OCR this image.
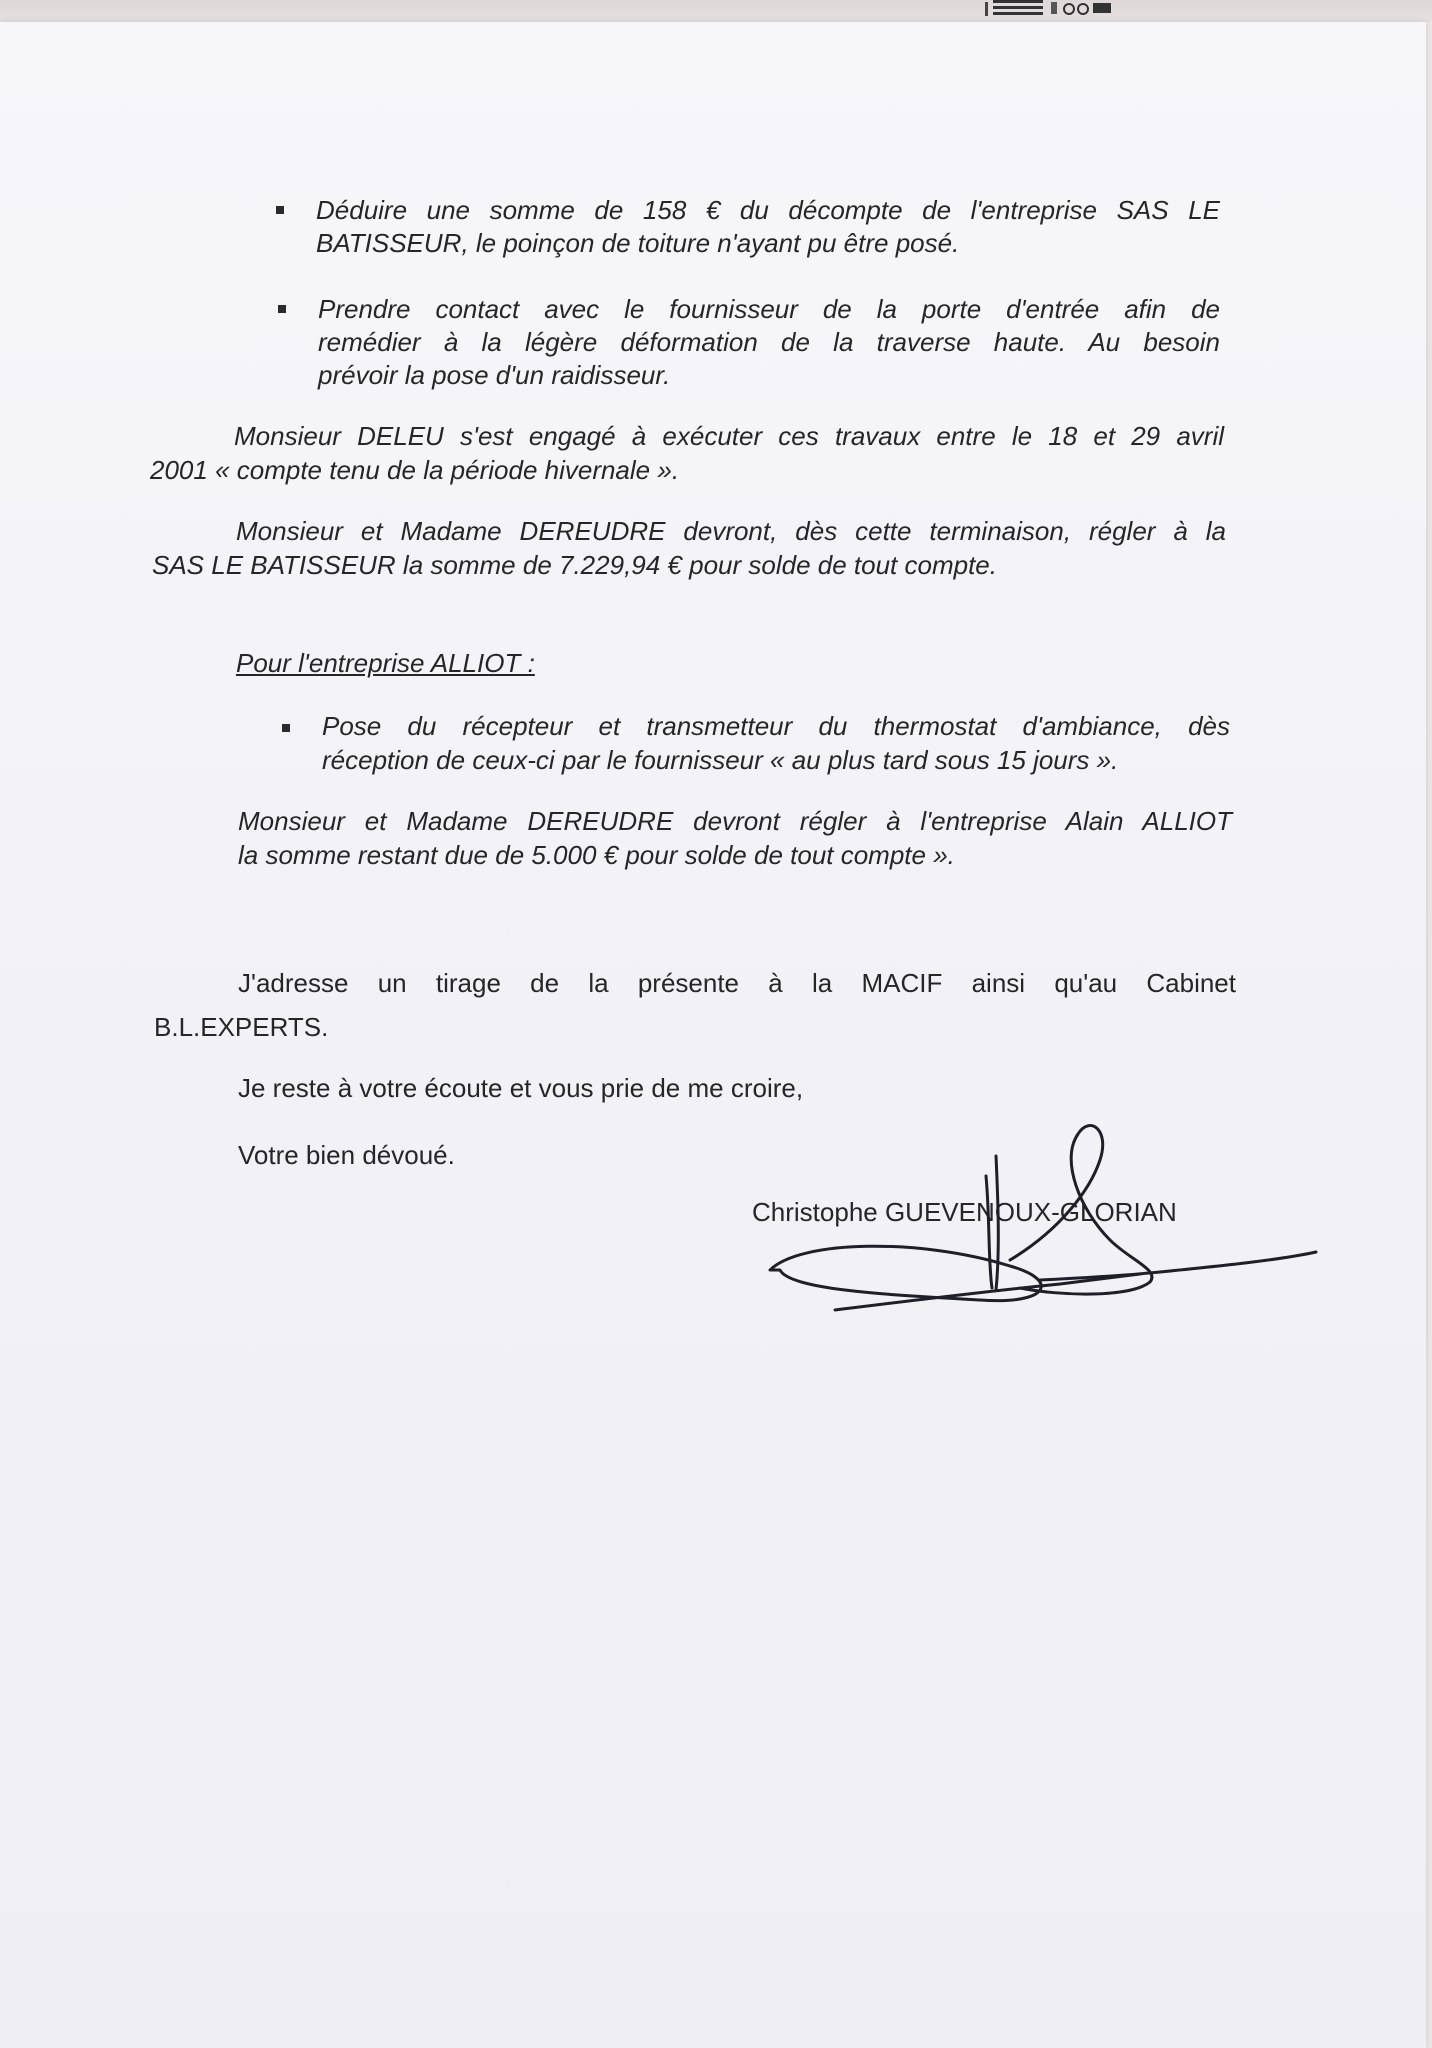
Déduire une somme de 158 € du décompte de l'entreprise SAS LE
BATISSEUR, le poinçon de toiture n'ayant pu être posé.
Prendre contact avec le fournisseur de la porte d'entrée afin de
remédier à la légère déformation de la traverse haute. Au besoin
prévoir la pose d'un raidisseur.
Monsieur DELEU s'est engagé à exécuter ces travaux entre le 18 et 29 avril
2001 « compte tenu de la période hivernale ».
Monsieur et Madame DEREUDRE devront, dès cette terminaison, régler à la
SAS LE BATISSEUR la somme de 7.229,94 € pour solde de tout compte.
Pour l'entreprise ALLIOT :
Pose du récepteur et transmetteur du thermostat d'ambiance, dès
réception de ceux-ci par le fournisseur « au plus tard sous 15 jours ».
Monsieur et Madame DEREUDRE devront régler à l'entreprise Alain ALLIOT
la somme restant due de 5.000 € pour solde de tout compte ».
J'adresse un tirage de la présente à la MACIF ainsi qu'au Cabinet
B.L.EXPERTS.
Je reste à votre écoute et vous prie de me croire,
Votre bien dévoué.
Christophe GUEVENOUX-GLORIAN
